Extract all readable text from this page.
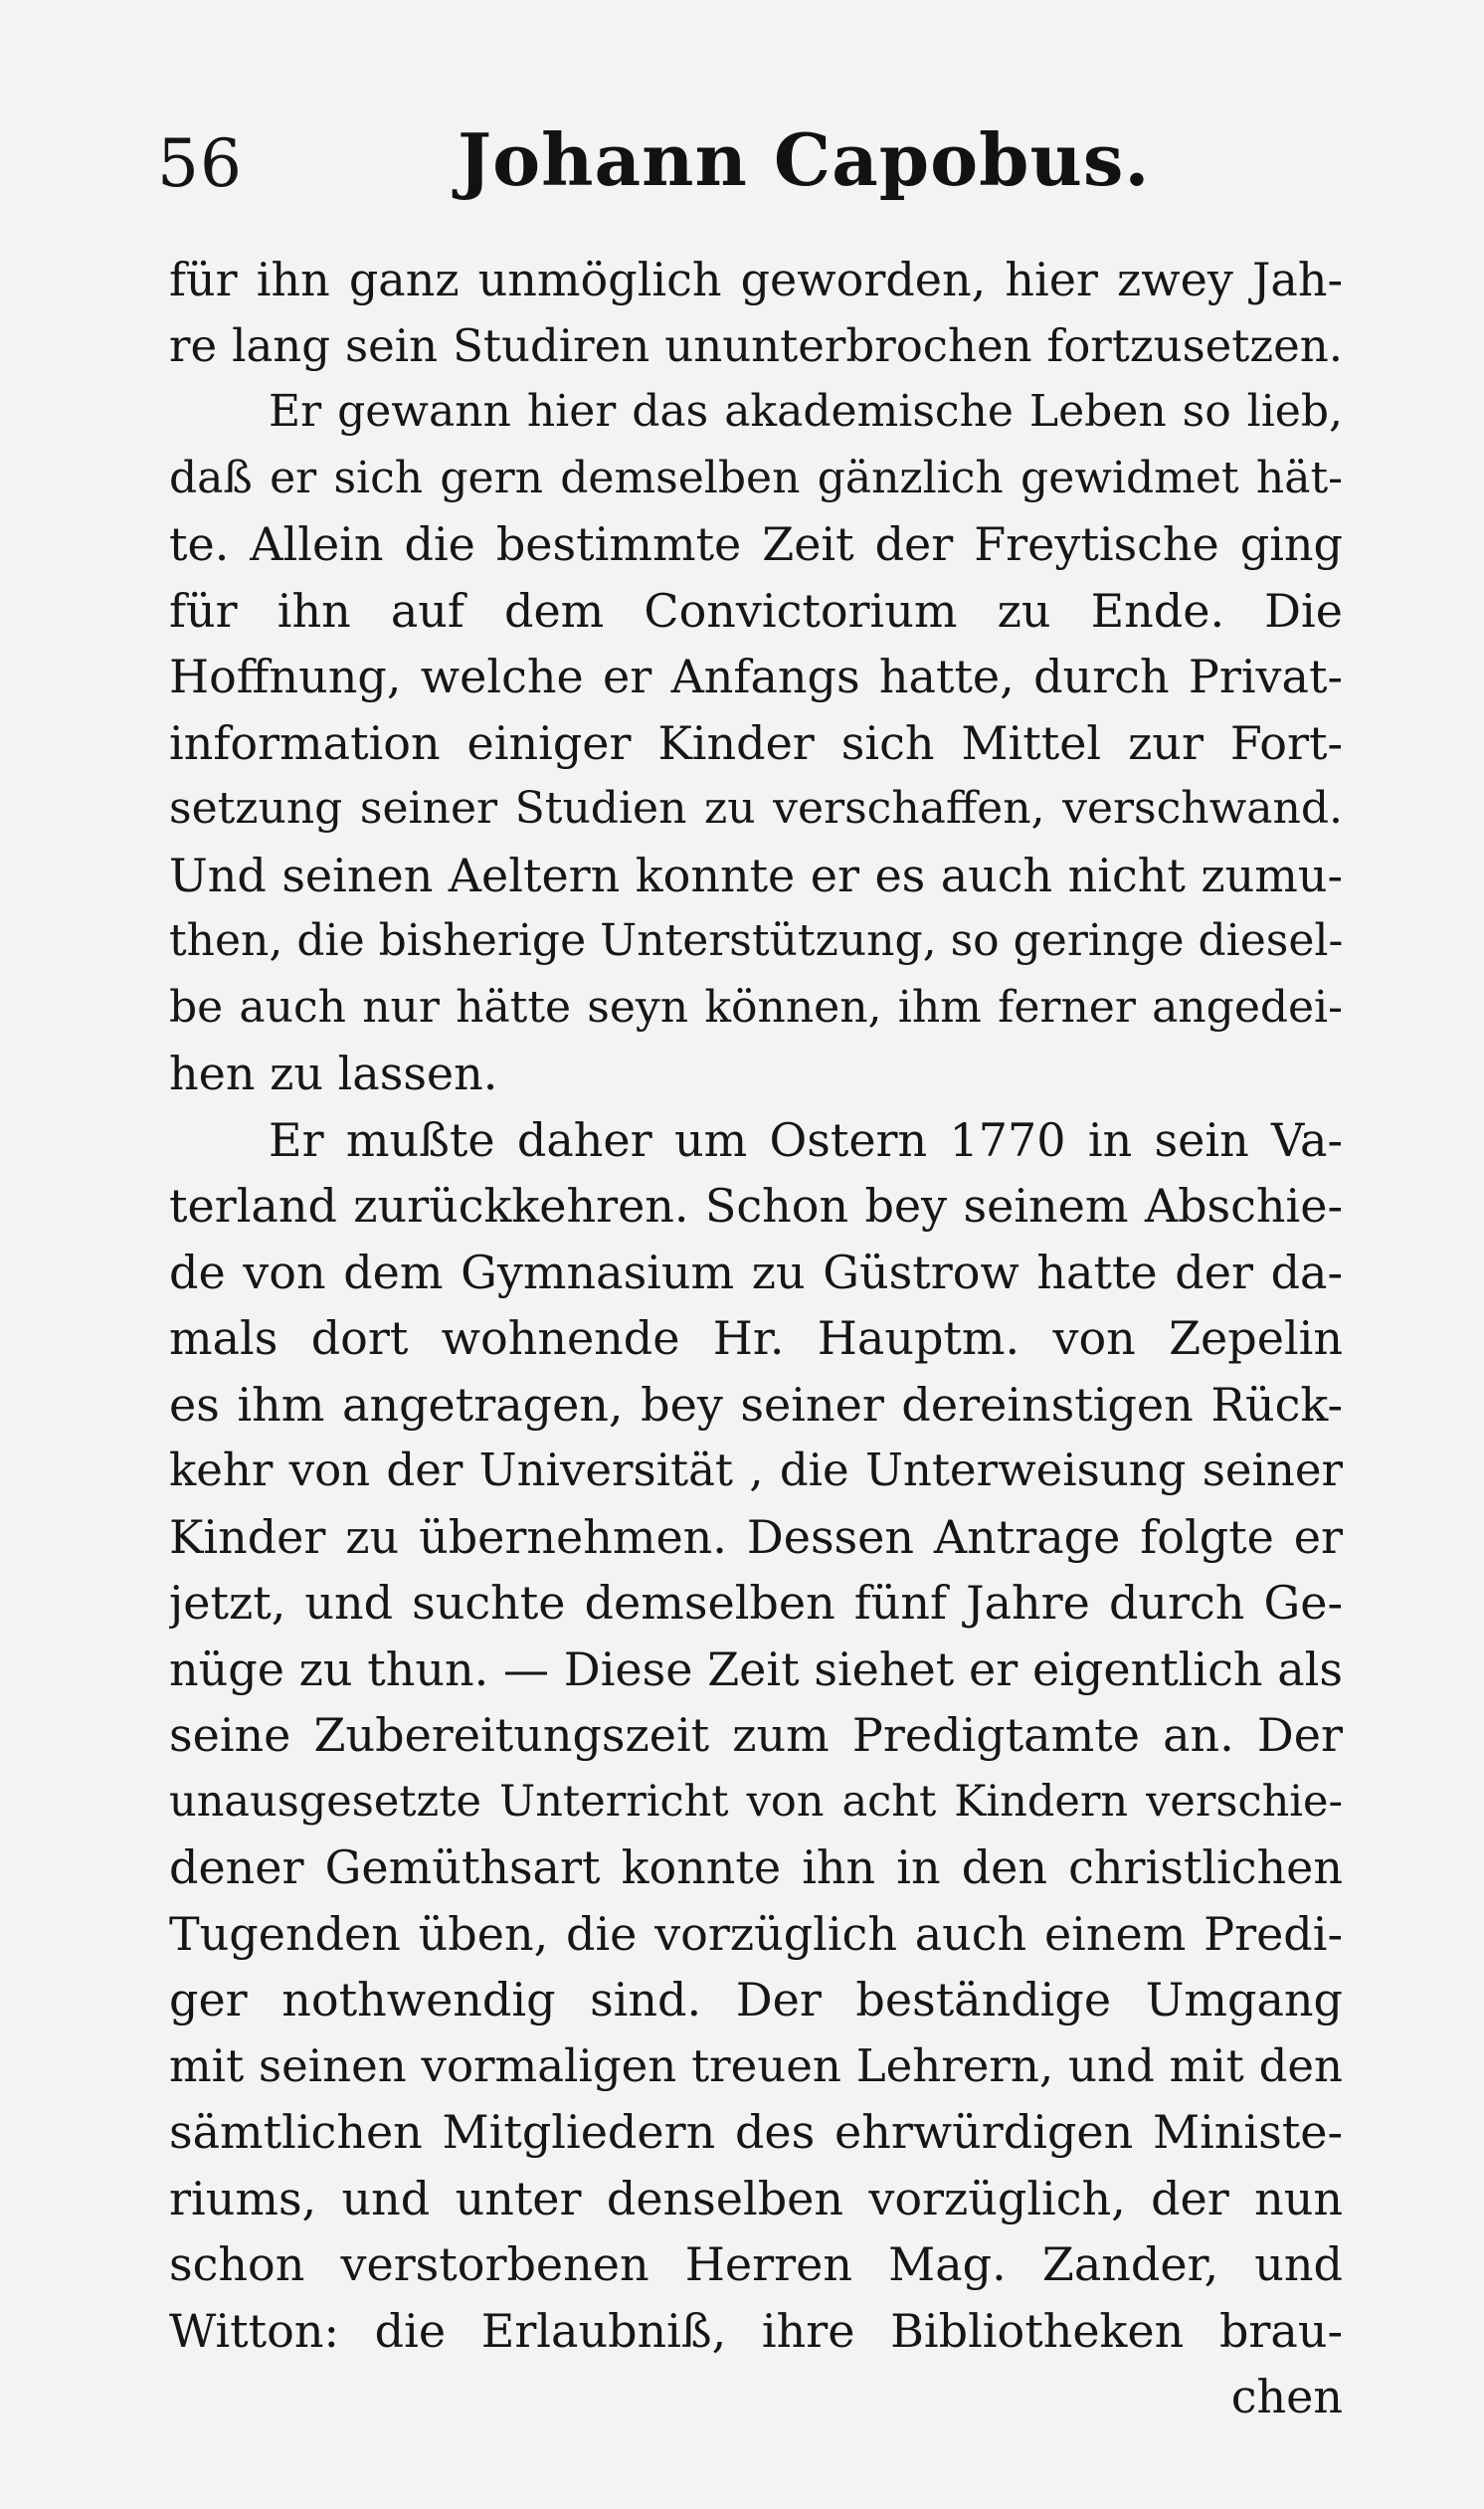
56	Johann Capobus.
für ihn ganz unmöglich geworden, hier zwey Jah-
re lang sein Studiren ununterbrochen fortzusetzen.
Er gewann hier das akademische Leben so lieb,
daß er sich gern demselben gänzlich gewidmet hät-
te. Allein die bestimmte Zeit der Freytische ging
für ihn auf dem Convictorium zu Ende. Die
Hoffnung, welche er Anfangs hatte, durch Privat-
information einiger Kinder sich Mittel zur Fort-
setzung seiner Studien zu verschaffen, verschwand.
Und seinen Aeltern konnte er es auch nicht zumu-
then, die bisherige Unterstützung, so geringe diesel-
be auch nur hätte seyn können, ihm ferner angedei-
hen zu lassen.
Er mußte daher um Ostern 1770 in sein Va-
terland zurückkehren. Schon bey seinem Abschie-
de von dem Gymnasium zu Güstrow hatte der da-
mals dort wohnende Hr. Hauptm. von Zepelin
es ihm angetragen, bey seiner dereinstigen Rück-
kehr von der Universität , die Unterweisung seiner
Kinder zu übernehmen. Dessen Antrage folgte er
jetzt, und suchte demselben fünf Jahre durch Ge-
nüge zu thun. — Diese Zeit siehet er eigentlich als
seine Zubereitungszeit zum Predigtamte an. Der
unausgesetzte Unterricht von acht Kindern verschie-
dener Gemüthsart konnte ihn in den christlichen
Tugenden üben, die vorzüglich auch einem Predi-
ger nothwendig sind. Der beständige Umgang
mit seinen vormaligen treuen Lehrern, und mit den
sämtlichen Mitgliedern des ehrwürdigen Ministe-
riums, und unter denselben vorzüglich, der nun
schon verstorbenen Herren Mag. Zander, und
Witton: die Erlaubniß, ihre Bibliotheken brau-
chen
